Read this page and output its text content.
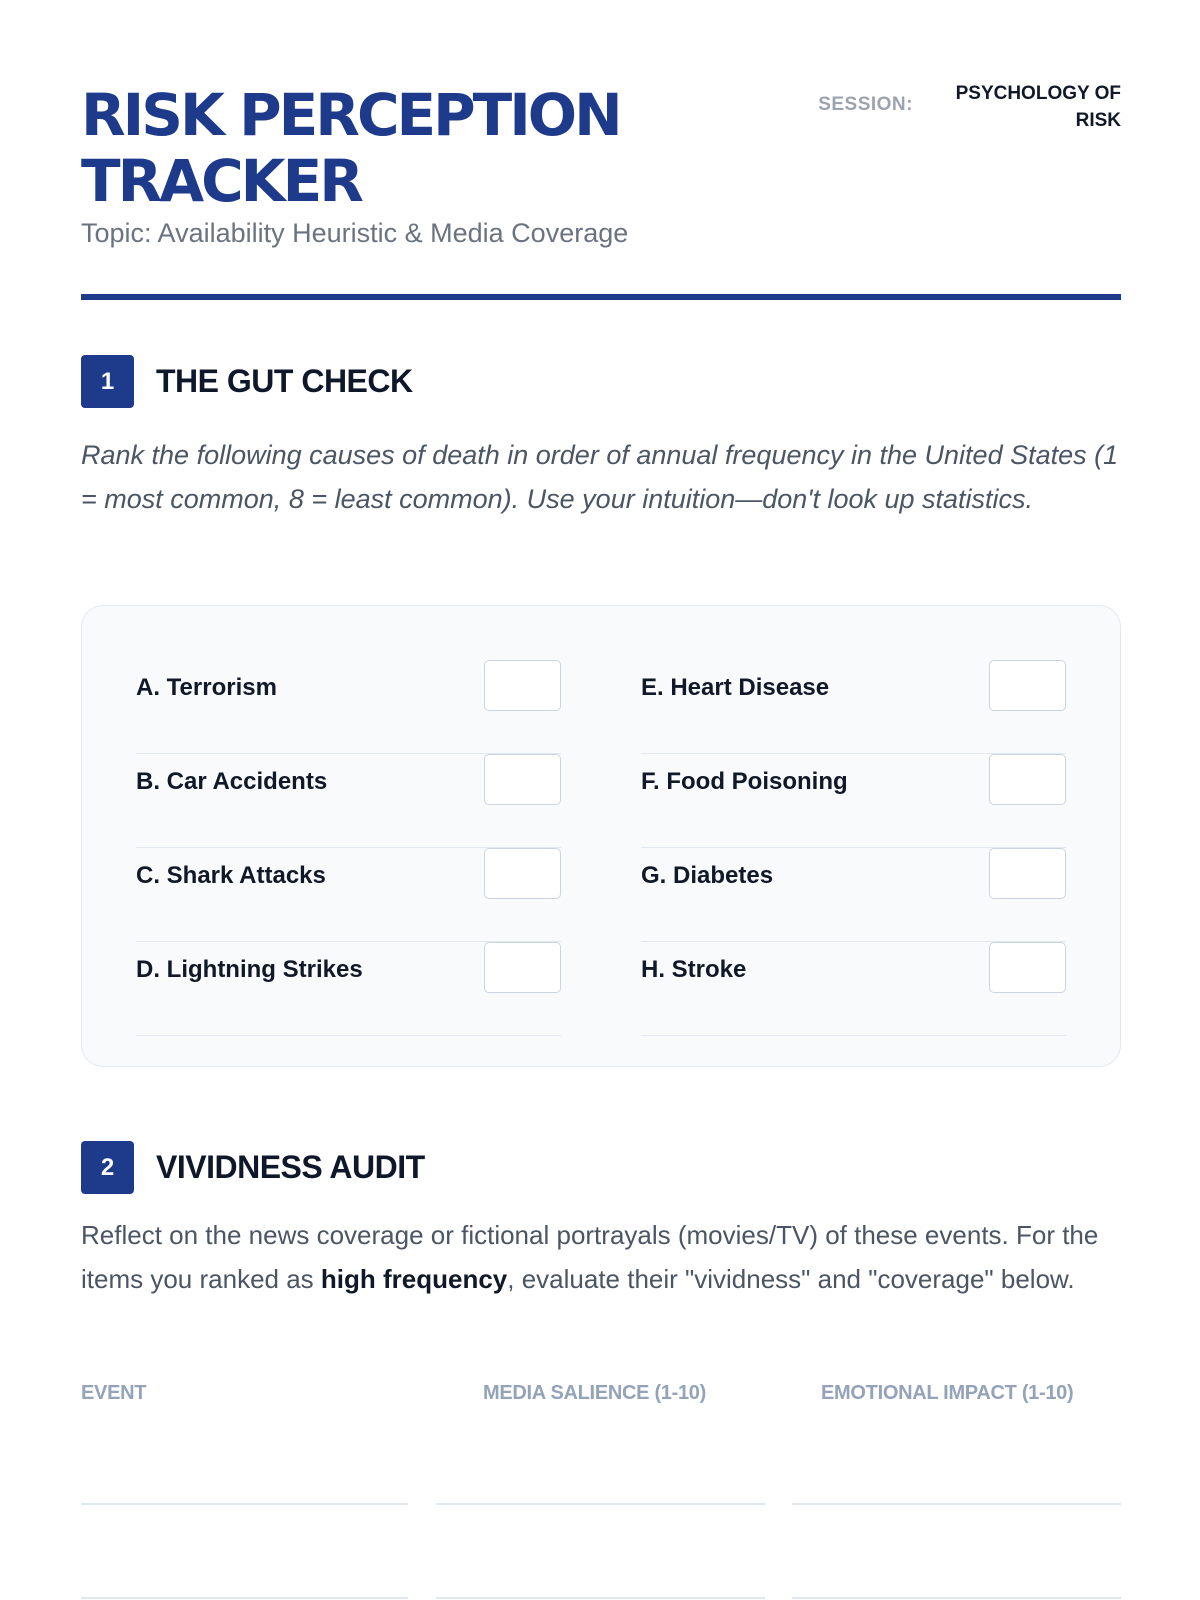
RISK PERCEPTION TRACKER
Topic: Availability Heuristic & Media Coverage
SESSION:
PSYCHOLOGY OF RISK
1	THE GUT CHECK

Rank the following causes of death in order of annual frequency in the United States (1 = most common, 8 = least common). Use your intuition—don't look up statistics.

A. Terrorism
B. Car Accidents
C. Shark Attacks
D. Lightning Strikes
E. Heart Disease
F. Food Poisoning
G. Diabetes
H. Stroke
2	VIVIDNESS AUDIT

Reflect on the news coverage or fictional portrayals (movies/TV) of these events. For the items you ranked as high frequency, evaluate their "vividness" and "coverage" below.

EVENT	MEDIA SALIENCE (1-10)	EMOTIONAL IMPACT (1-10)
